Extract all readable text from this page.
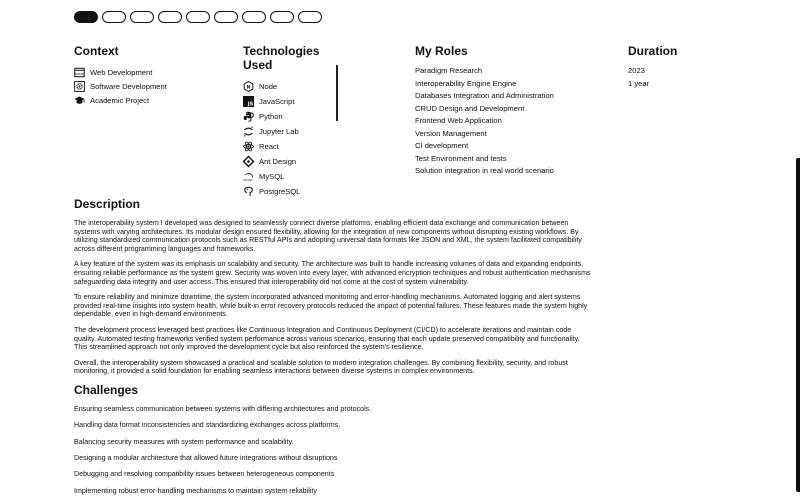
Context
www Web Development
Software Development
Academic Project
Technologies Used
N Node
JS JavaScript
Python
Jupyter Lab
React
Ant Design
MySQL MySQL
PostgreSQL
My Roles
Paradigm Research
Interoperability Engine Engine
Databases Integration and Administration
CRUD Design and Development
Frontend Web Application
Version Management
CI development
Test Environment and tests
Solution integration in real world scenario
Duration
2023
1 year
Description

The interoperability system I developed was designed to seamlessly connect diverse platforms, enabling efficient data exchange and communication between systems with varying architectures. Its modular design ensured flexibility, allowing for the integration of new components without disrupting existing workflows. By utilizing standardized communication protocols such as RESTful APIs and adopting universal data formats like JSON and XML, the system facilitated compatibility across different programming languages and frameworks.

A key feature of the system was its emphasis on scalability and security. The architecture was built to handle increasing volumes of data and expanding endpoints, ensuring reliable performance as the system grew. Security was woven into every layer, with advanced encryption techniques and robust authentication mechanisms safeguarding data integrity and user access. This ensured that interoperability did not come at the cost of system vulnerability.

To ensure reliability and minimize downtime, the system incorporated advanced monitoring and error-handling mechanisms. Automated logging and alert systems provided real-time insights into system health, while built-in error recovery protocols reduced the impact of potential failures. These features made the system highly dependable, even in high-demand environments.

The development process leveraged best practices like Continuous Integration and Continuous Deployment (CI/CD) to accelerate iterations and maintain code quality. Automated testing frameworks verified system performance across various scenarios, ensuring that each update preserved compatibility and functionality. This streamlined approach not only improved the development cycle but also reinforced the system's resilience.

Overall, the interoperability system showcased a practical and scalable solution to modern integration challenges. By combining flexibility, security, and robust monitoring, it provided a solid foundation for enabling seamless interactions between diverse systems in complex environments.

Challenges

Ensuring seamless communication between systems with differing architectures and protocols.

Handling data format inconsistencies and standardizing exchanges across platforms.

Balancing security measures with system performance and scalability.

Designing a modular architecture that allowed future integrations without disruptions

Debugging and resolving compatibility issues between heterogeneous components

Implementing robust error-handling mechanisms to maintain system reliability
